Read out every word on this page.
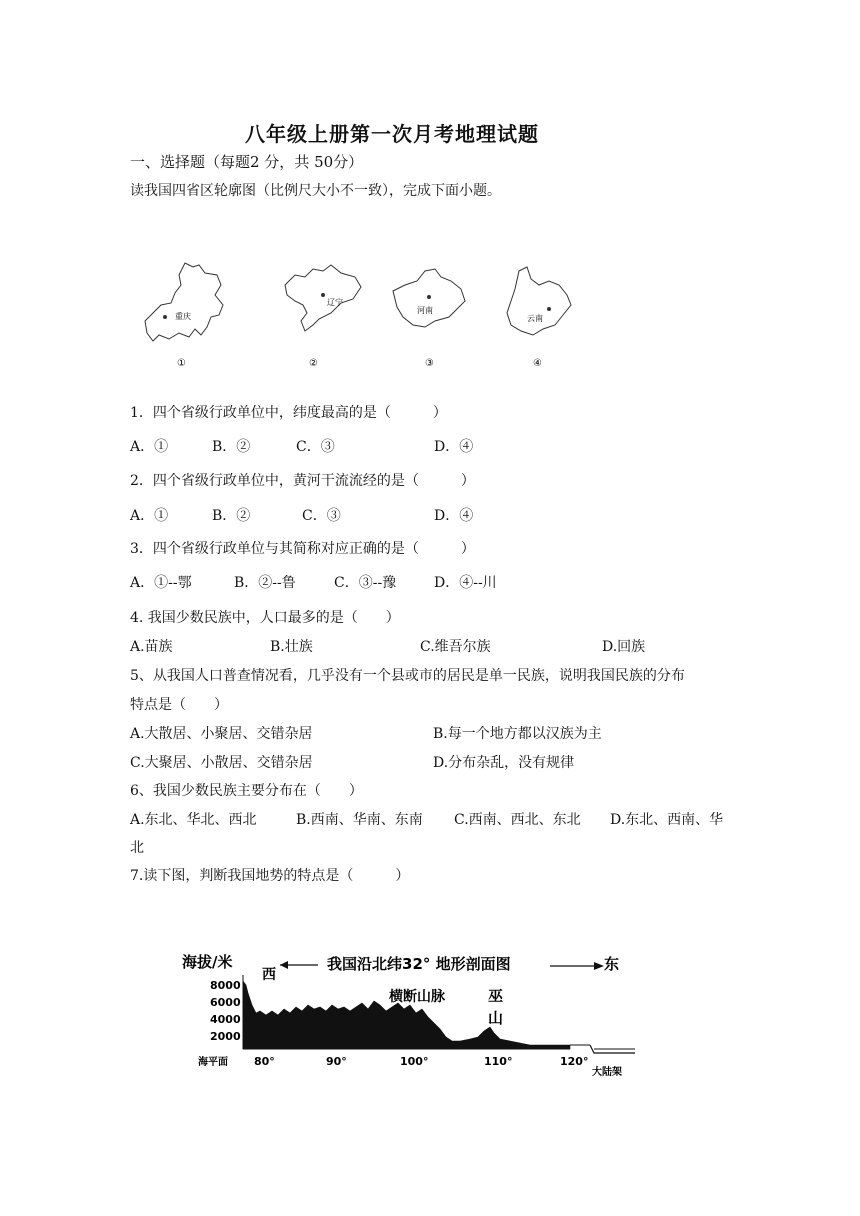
八年级上册第一次月考地理试题
一、选择题（每题2 分，共 50分）
读我国四省区轮廓图（比例尺大小不一致），完成下面小题。
重庆
①
辽宁
②
河南
③
云南
④
1．四个省级行政单位中，纬度最高的是（　　　）
A．①	B．②	C．③	D．④
2．四个省级行政单位中，黄河干流流经的是（　　　）
A．①	B．②	C．③	D．④
3．四个省级行政单位与其简称对应正确的是（　　　）
A．①--鄂	B．②--鲁	C．③--豫	D．④--川
4. 我国少数民族中，人口最多的是（　　）
A.苗族	B.壮族	C.维吾尔族	D.回族
5、从我国人口普查情况看，几乎没有一个县或市的居民是单一民族，说明我国民族的分布
特点是（　　）
A.大散居、小聚居、交错杂居	B.每一个地方都以汉族为主
C.大聚居、小散居、交错杂居	D.分布杂乱，没有规律
6、我国少数民族主要分布在（　　）
A.东北、华北、西北	B.西南、华南、东南 C.西南、西北、东北 D.东北、西南、华
北
7.读下图，判断我国地势的特点是（　　　）
海拔/米
西
我国沿北纬32° 地形剖面图	东
8000
6000
4000
2000
横断山脉	巫
山
海平面 80°	90°	100°	110°	120°
大陆架
